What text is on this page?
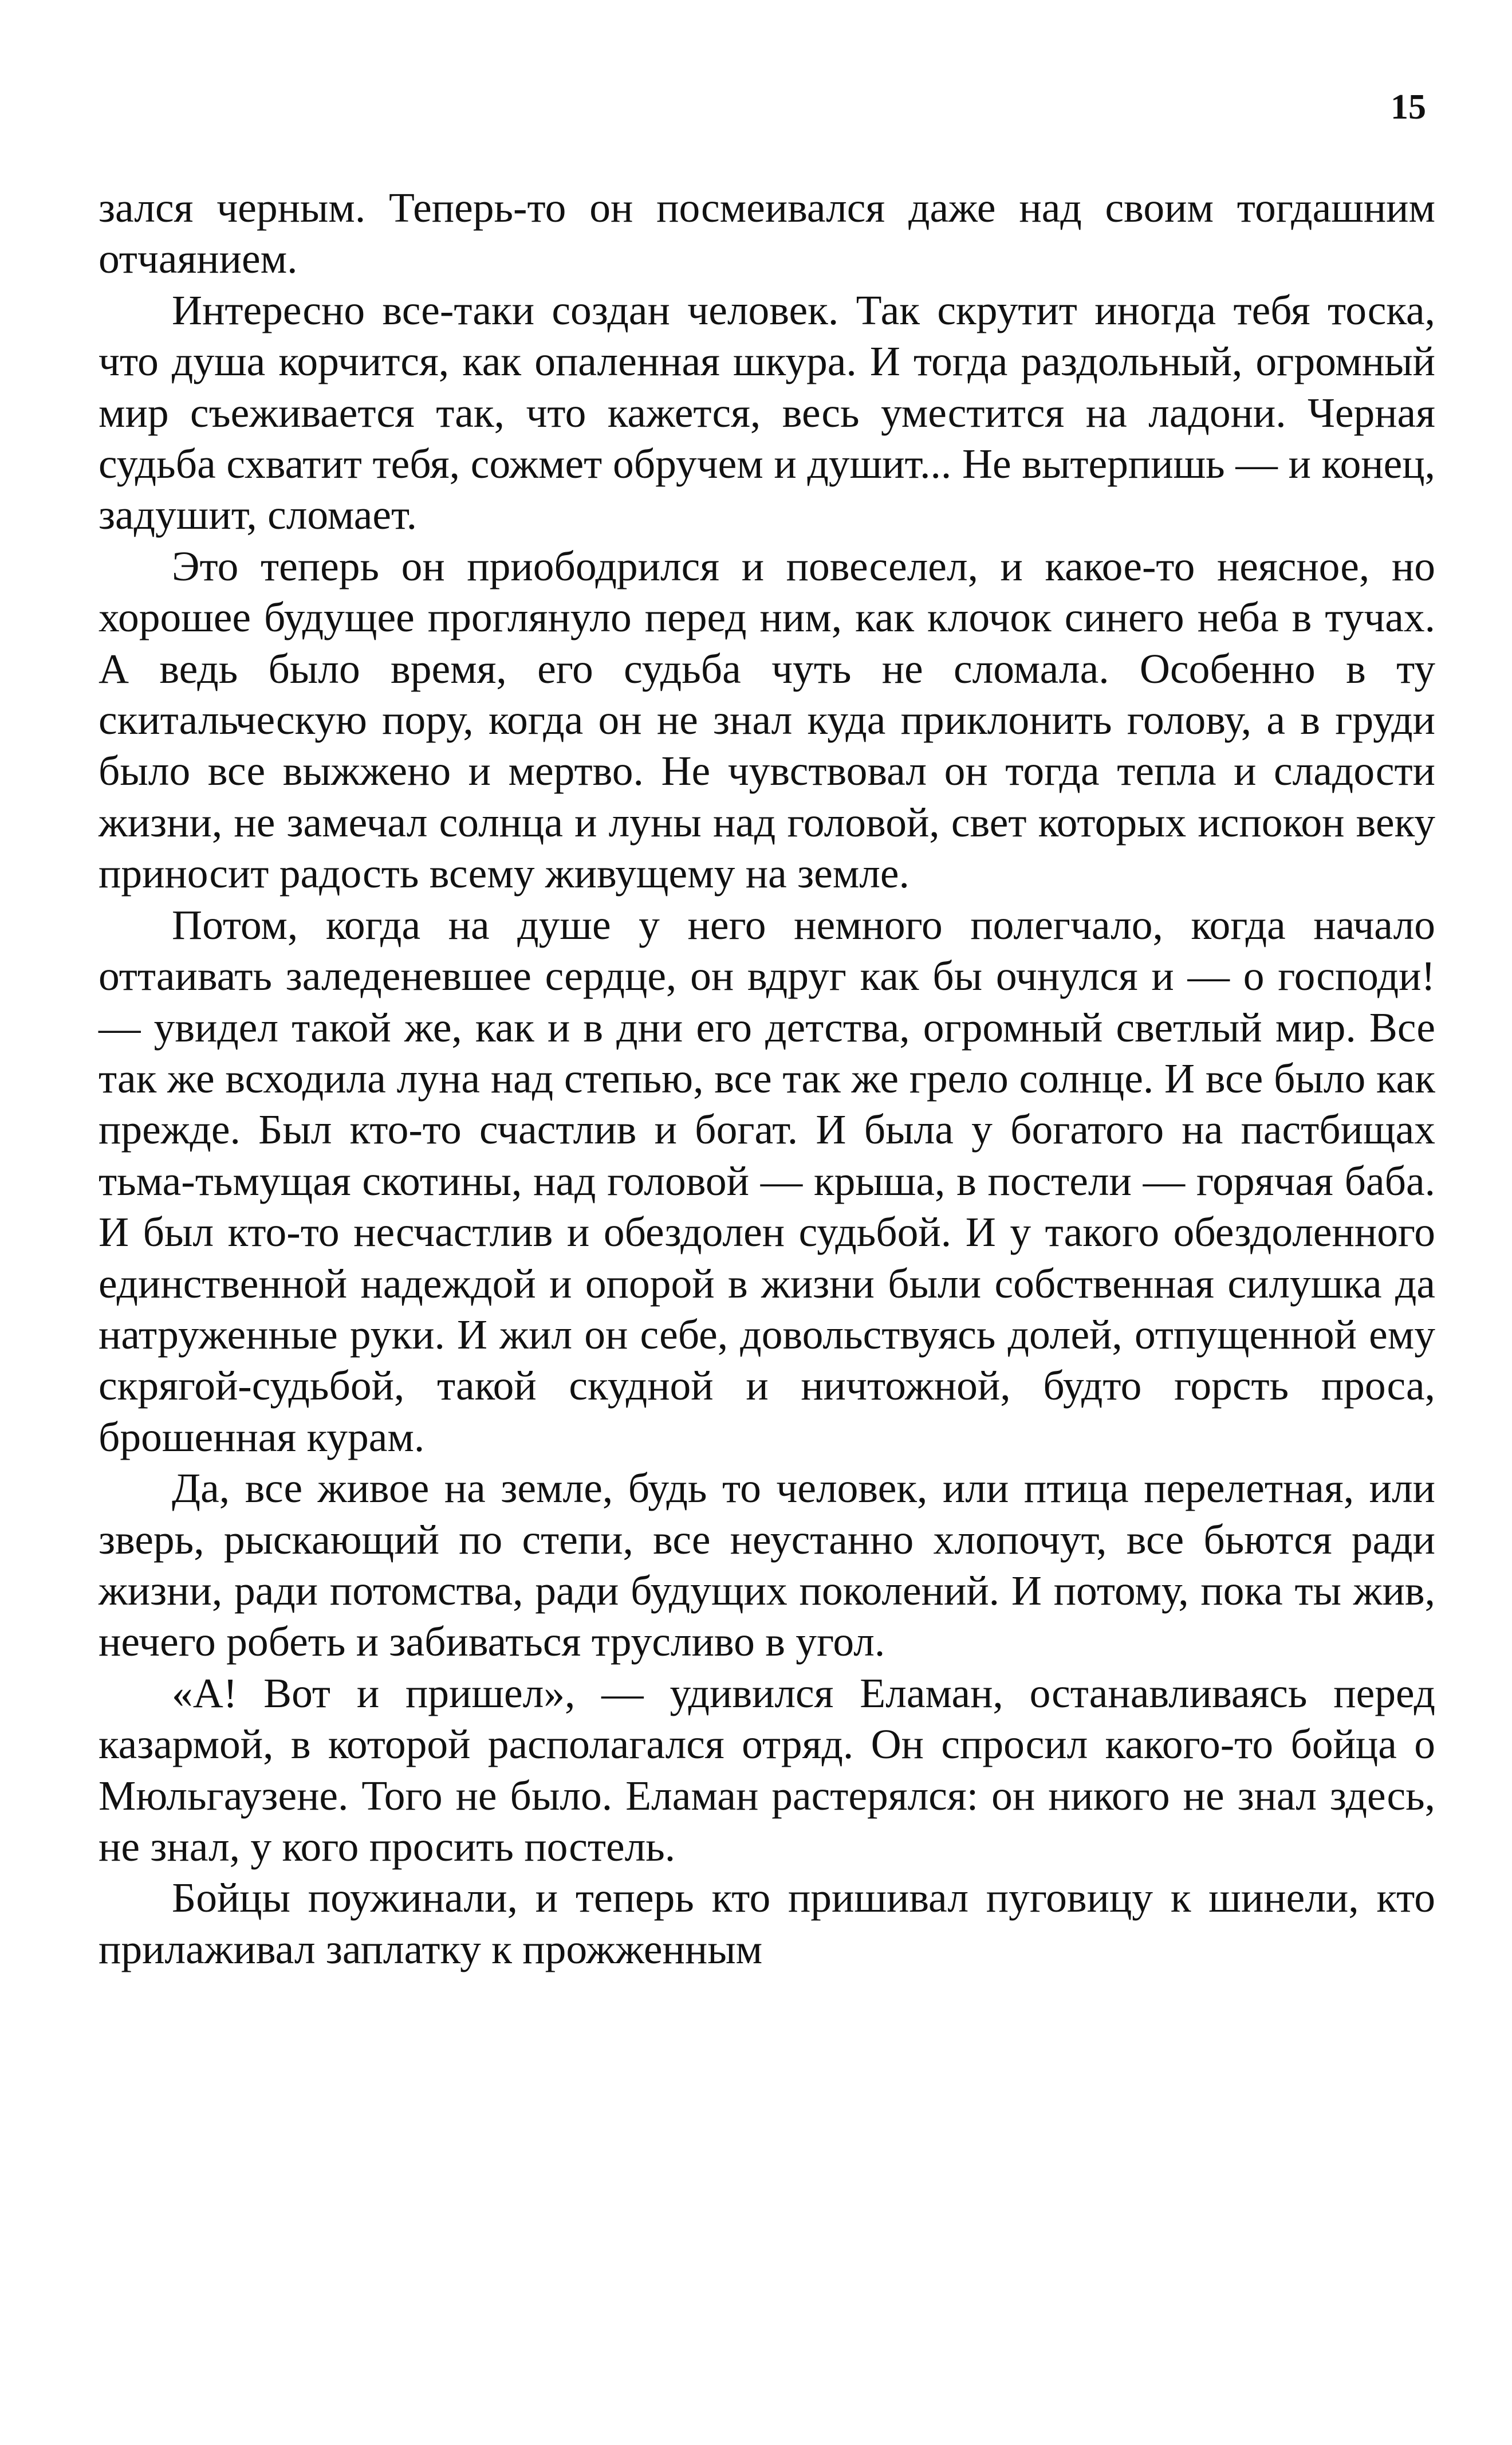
15

зался черным. Теперь-то он посмеивался даже над своим тогдашним отчаянием.

Интересно все-таки создан человек. Так скрутит иногда тебя тоска, что душа корчится, как опаленная шкура. И тогда раздольный, огромный мир съеживается так, что кажется, весь уместится на ладони. Черная судьба схватит тебя, сожмет обручем и душит... Не вытерпишь — и конец, задушит, сломает.

Это теперь он приободрился и повеселел, и какое-то неясное, но хорошее будущее проглянуло перед ним, как клочок синего неба в тучах. А ведь было время, его судьба чуть не сломала. Особенно в ту скитальческую пору, когда он не знал куда приклонить голову, а в груди было все выжжено и мертво. Не чувствовал он тогда тепла и сладости жизни, не замечал солнца и луны над головой, свет которых испокон веку приносит радость всему живущему на земле.

Потом, когда на душе у него немного полегчало, когда начало оттаивать заледеневшее сердце, он вдруг как бы очнулся и — о господи! — увидел такой же, как и в дни его детства, огромный светлый мир. Все так же всходила луна над степью, все так же грело солнце. И все было как прежде. Был кто-то счастлив и богат. И была у богатого на пастбищах тьма-тьмущая скотины, над головой — крыша, в постели — горячая баба. И был кто-то несчастлив и обездолен судьбой. И у такого обездоленного единственной надеждой и опорой в жизни были собственная силушка да натруженные руки. И жил он себе, довольствуясь долей, отпущенной ему скрягой-судьбой, такой скудной и ничтожной, будто горсть проса, брошенная курам.

Да, все живое на земле, будь то человек, или птица перелетная, или зверь, рыскающий по степи, все неустанно хлопочут, все бьются ради жизни, ради потомства, ради будущих поколений. И потому, пока ты жив, нечего робеть и забиваться трусливо в угол.

«А! Вот и пришел», — удивился Еламан, останавливаясь перед казармой, в которой располагался отряд. Он спросил какого-то бойца о Мюльгаузене. Того не было. Еламан растерялся: он никого не знал здесь, не знал, у кого просить постель.

Бойцы поужинали, и теперь кто пришивал пуговицу к шинели, кто прилаживал заплатку к прожженным
